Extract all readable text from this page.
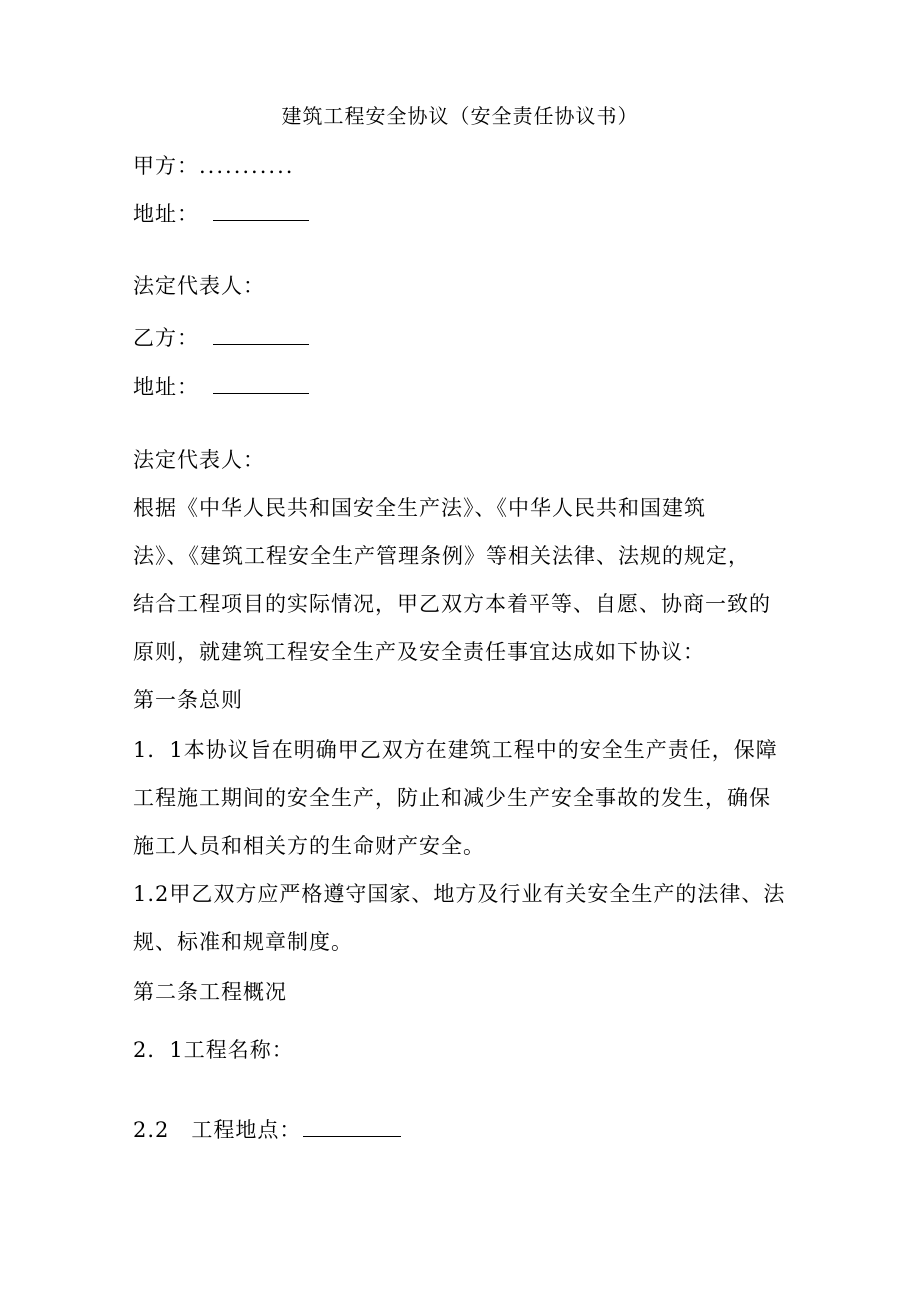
建筑工程安全协议（安全责任协议书）
甲方：...........
地址：
法定代表人：
乙方：
地址：
法定代表人：
根据《中华人民共和国安全生产法》、《中华人民共和国建筑
法》、《建筑工程安全生产管理条例》等相关法律、法规的规定，
结合工程项目的实际情况，甲乙双方本着平等、自愿、协商一致的
原则，就建筑工程安全生产及安全责任事宜达成如下协议：
第一条总则
1．1本协议旨在明确甲乙双方在建筑工程中的安全生产责任，保障
工程施工期间的安全生产，防止和减少生产安全事故的发生，确保
施工人员和相关方的生命财产安全。
1.2甲乙双方应严格遵守国家、地方及行业有关安全生产的法律、法
规、标准和规章制度。
第二条工程概况
2．1工程名称：
2.2 工程地点：
